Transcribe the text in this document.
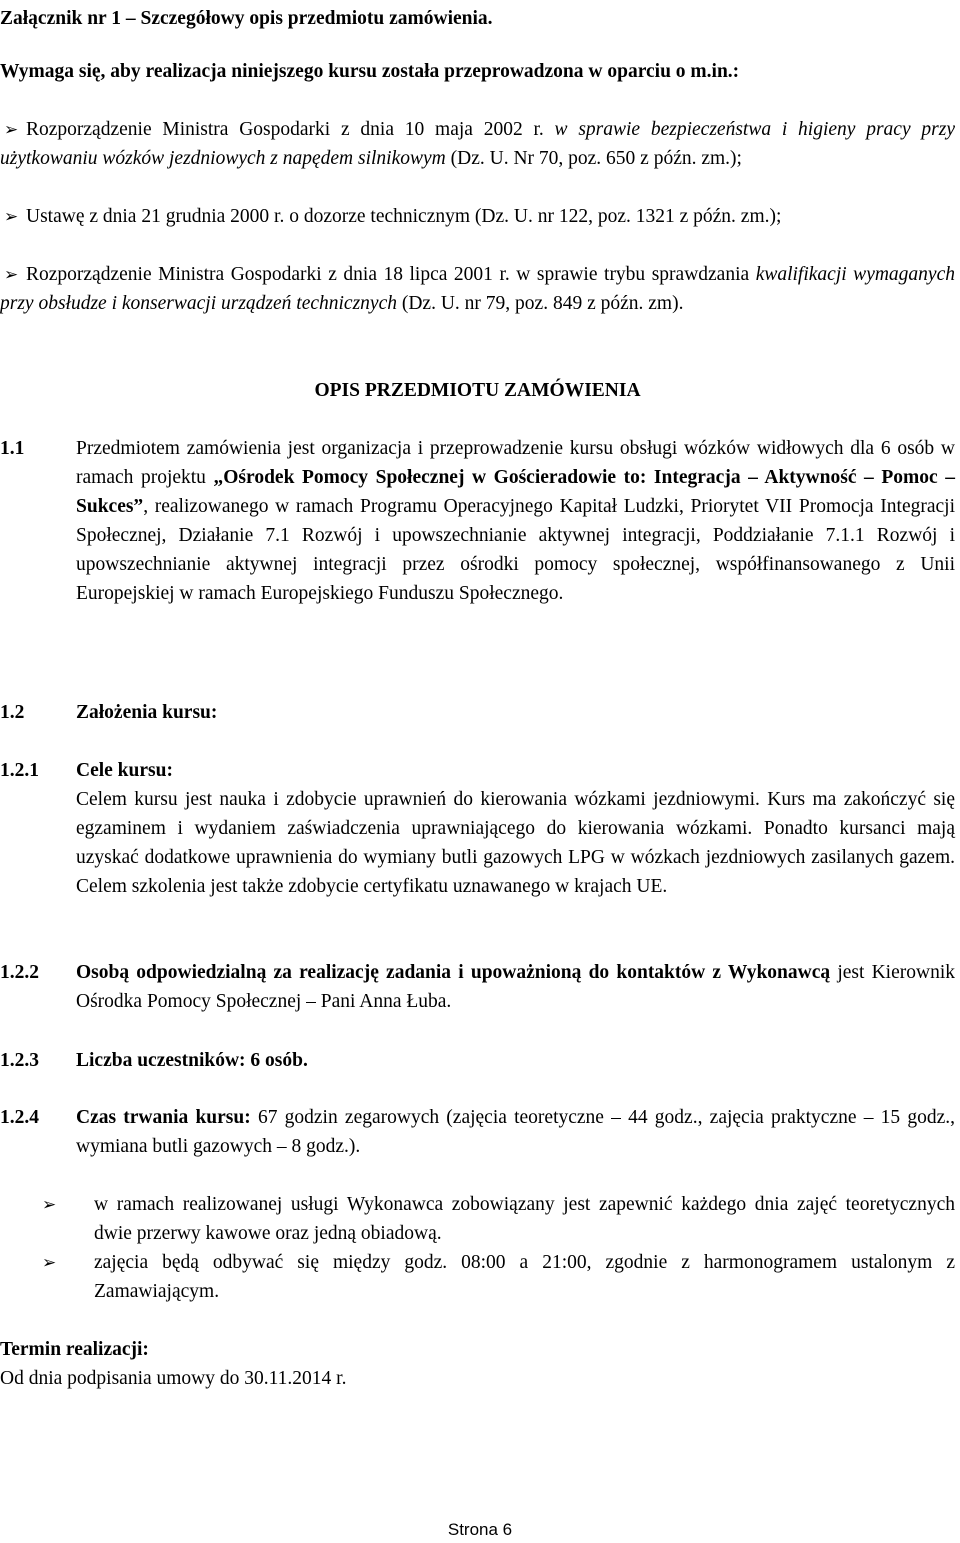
Załącznik nr 1 – Szczegółowy opis przedmiotu zamówienia.
Wymaga się, aby realizacja niniejszego kursu została przeprowadzona w oparciu o m.in.:
➢ Rozporządzenie Ministra Gospodarki z dnia 10 maja 2002 r. w sprawie bezpieczeństwa i higieny pracy przy użytkowaniu wózków jezdniowych z napędem silnikowym (Dz. U. Nr 70, poz. 650 z późn. zm.);
➢ Ustawę z dnia 21 grudnia 2000 r. o dozorze technicznym (Dz. U. nr 122, poz. 1321 z późn. zm.);
➢ Rozporządzenie Ministra Gospodarki z dnia 18 lipca 2001 r. w sprawie trybu sprawdzania kwalifikacji wymaganych przy obsłudze i konserwacji urządzeń technicznych (Dz. U. nr 79, poz. 849 z późn. zm).
OPIS PRZEDMIOTU ZAMÓWIENIA
1.1	Przedmiotem zamówienia jest organizacja i przeprowadzenie kursu obsługi wózków widłowych dla 6 osób w ramach projektu „Ośrodek Pomocy Społecznej w Gościeradowie to: Integracja – Aktywność – Pomoc – Sukces”, realizowanego w ramach Programu Operacyjnego Kapitał Ludzki, Priorytet VII Promocja Integracji Społecznej, Działanie 7.1 Rozwój i upowszechnianie aktywnej integracji, Poddziałanie 7.1.1 Rozwój i upowszechnianie aktywnej integracji przez ośrodki pomocy społecznej, współfinansowanego z Unii Europejskiej w ramach Europejskiego Funduszu Społecznego.
1.2	Założenia kursu:
1.2.1	Cele kursu:
Celem kursu jest nauka i zdobycie uprawnień do kierowania wózkami jezdniowymi. Kurs ma zakończyć się egzaminem i wydaniem zaświadczenia uprawniającego do kierowania wózkami. Ponadto kursanci mają uzyskać dodatkowe uprawnienia do wymiany butli gazowych LPG w wózkach jezdniowych zasilanych gazem. Celem szkolenia jest także zdobycie certyfikatu uznawanego w krajach UE.
1.2.2	Osobą odpowiedzialną za realizację zadania i upoważnioną do kontaktów z Wykonawcą jest Kierownik Ośrodka Pomocy Społecznej – Pani Anna Łuba.
1.2.3	Liczba uczestników: 6 osób.
1.2.4	Czas trwania kursu: 67 godzin zegarowych (zajęcia teoretyczne – 44 godz., zajęcia praktyczne – 15 godz., wymiana butli gazowych – 8 godz.).
➢ w ramach realizowanej usługi Wykonawca zobowiązany jest zapewnić każdego dnia zajęć teoretycznych dwie przerwy kawowe oraz jedną obiadową.
➢ zajęcia będą odbywać się między godz. 08:00 a 21:00, zgodnie z harmonogramem ustalonym z Zamawiającym.
Termin realizacji:
Od dnia podpisania umowy do 30.11.2014 r.
Strona 6
